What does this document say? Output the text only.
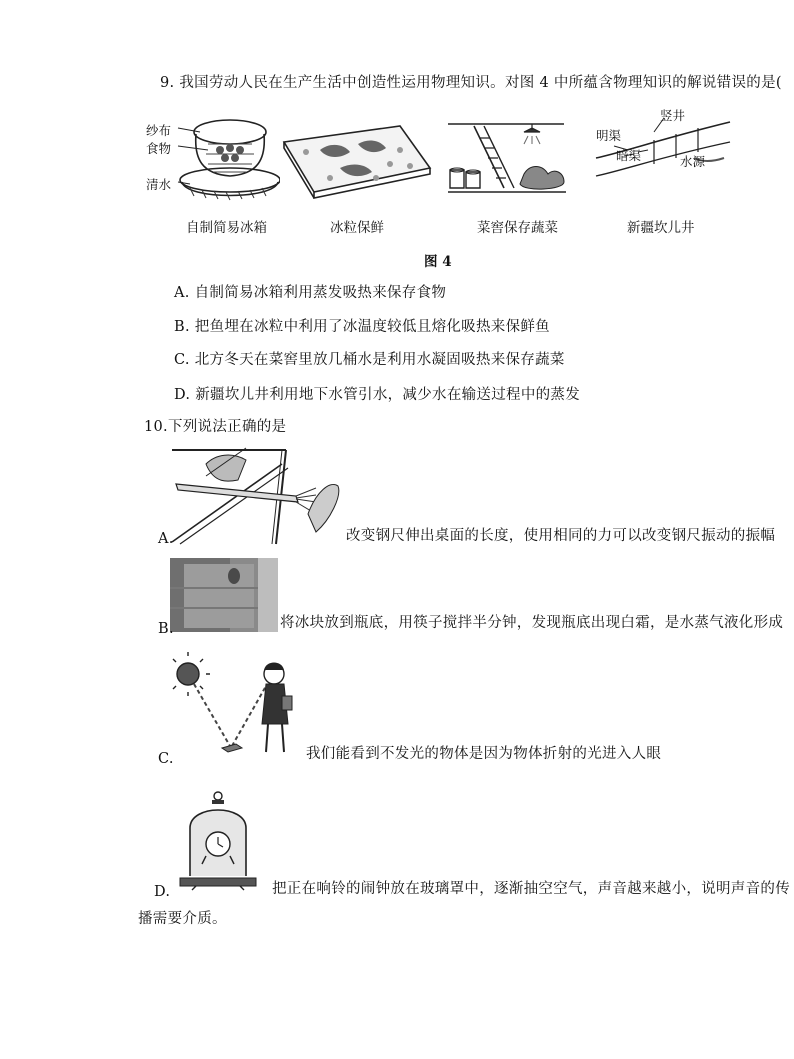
9. 我国劳动人民在生产生活中创造性运用物理知识。对图 4 中所蕴含物理知识的解说错误的是(
纱布
食物
清水
竖井
明渠
暗渠	水源
自制简易冰箱	冰粒保鲜	菜窖保存蔬菜	新疆坎儿井
图 4
A. 自制简易冰箱利用蒸发吸热来保存食物
B. 把鱼埋在冰粒中利用了冰温度较低且熔化吸热来保鲜鱼
C. 北方冬天在菜窖里放几桶水是利用水凝固吸热来保存蔬菜
D. 新疆坎儿井利用地下水管引水，减少水在输送过程中的蒸发
10.下列说法正确的是
A.	改变钢尺伸出桌面的长度，使用相同的力可以改变钢尺振动的振幅
B.	将冰块放到瓶底，用筷子搅拌半分钟，发现瓶底出现白霜，是水蒸气液化形成
C.	我们能看到不发光的物体是因为物体折射的光进入人眼
D.	把正在响铃的闹钟放在玻璃罩中，逐渐抽空空气，声音越来越小，说明声音的传
播需要介质。
